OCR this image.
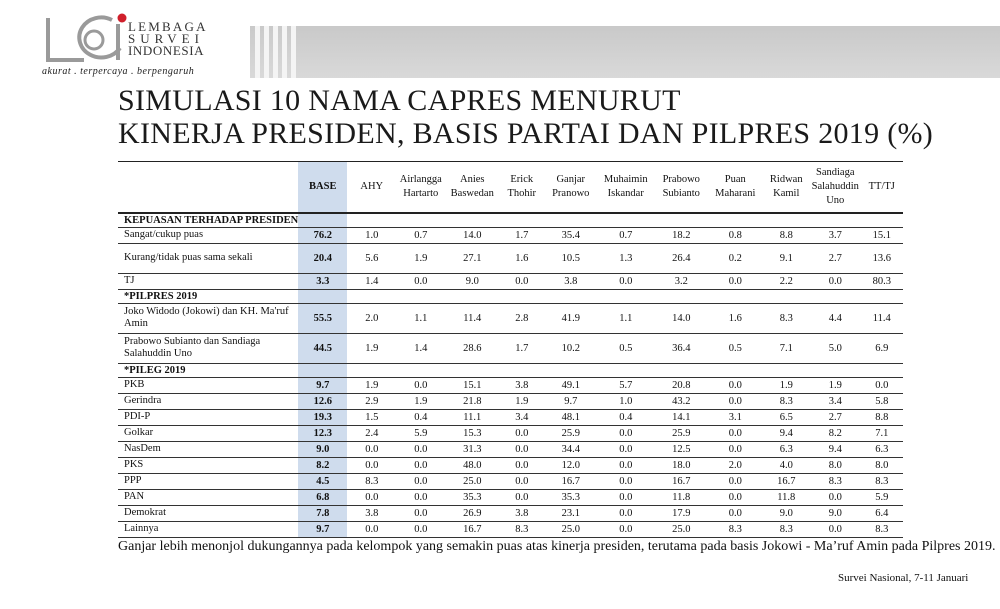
LEMBAGA
SURVEI
INDONESIA
akurat . terpercaya . berpengaruh
SIMULASI 10 NAMA CAPRES MENURUT
KINERJA PRESIDEN, BASIS PARTAI DAN PILPRES 2019 (%)
	BASE	AHY	Airlangga Hartarto	Anies Baswedan	Erick Thohir	Ganjar Pranowo	Muhaimin Iskandar	Prabowo Subianto	Puan Maharani	Ridwan Kamil	Sandiaga Salahuddin Uno	TT/TJ
KEPUASAN TERHADAP PRESIDEN												
Sangat/cukup puas	76.2	1.0	0.7	14.0	1.7	35.4	0.7	18.2	0.8	8.8	3.7	15.1
Kurang/tidak puas sama sekali	20.4	5.6	1.9	27.1	1.6	10.5	1.3	26.4	0.2	9.1	2.7	13.6
TJ	3.3	1.4	0.0	9.0	0.0	3.8	0.0	3.2	0.0	2.2	0.0	80.3
*PILPRES 2019												
Joko Widodo (Jokowi) dan KH. Ma'ruf Amin	55.5	2.0	1.1	11.4	2.8	41.9	1.1	14.0	1.6	8.3	4.4	11.4
Prabowo Subianto dan Sandiaga Salahuddin Uno	44.5	1.9	1.4	28.6	1.7	10.2	0.5	36.4	0.5	7.1	5.0	6.9
*PILEG 2019												
PKB	9.7	1.9	0.0	15.1	3.8	49.1	5.7	20.8	0.0	1.9	1.9	0.0
Gerindra	12.6	2.9	1.9	21.8	1.9	9.7	1.0	43.2	0.0	8.3	3.4	5.8
PDI-P	19.3	1.5	0.4	11.1	3.4	48.1	0.4	14.1	3.1	6.5	2.7	8.8
Golkar	12.3	2.4	5.9	15.3	0.0	25.9	0.0	25.9	0.0	9.4	8.2	7.1
NasDem	9.0	0.0	0.0	31.3	0.0	34.4	0.0	12.5	0.0	6.3	9.4	6.3
PKS	8.2	0.0	0.0	48.0	0.0	12.0	0.0	18.0	2.0	4.0	8.0	8.0
PPP	4.5	8.3	0.0	25.0	0.0	16.7	0.0	16.7	0.0	16.7	8.3	8.3
PAN	6.8	0.0	0.0	35.3	0.0	35.3	0.0	11.8	0.0	11.8	0.0	5.9
Demokrat	7.8	3.8	0.0	26.9	3.8	23.1	0.0	17.9	0.0	9.0	9.0	6.4
Lainnya	9.7	0.0	0.0	16.7	8.3	25.0	0.0	25.0	8.3	8.3	0.0	8.3
Ganjar lebih menonjol dukungannya pada kelompok yang semakin puas atas kinerja presiden, terutama pada basis Jokowi - Ma’ruf Amin pada Pilpres 2019.
Survei Nasional, 7-11 Januari
